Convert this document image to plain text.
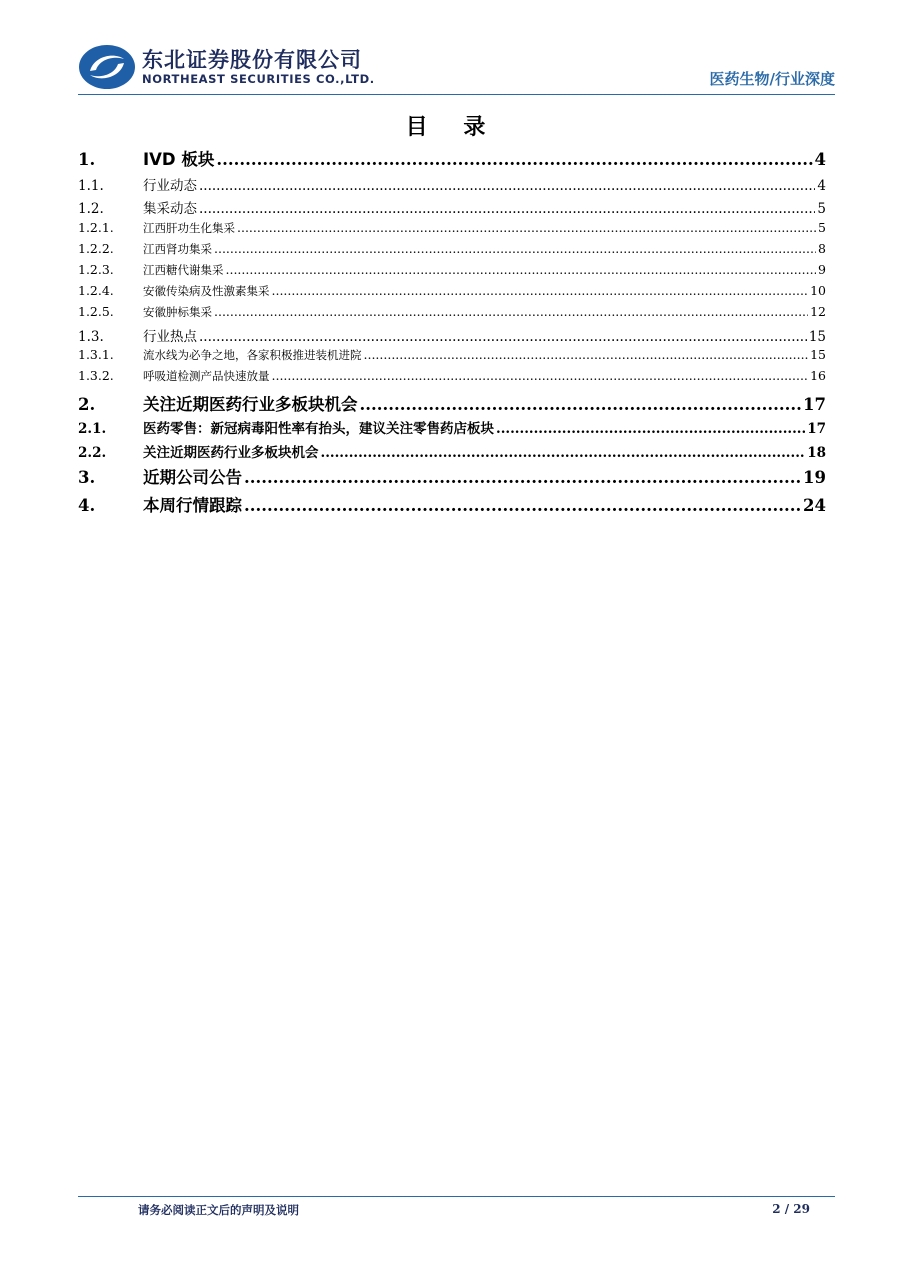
东北证券股份有限公司
NORTHEAST SECURITIES CO.,LTD.	医药生物/行业深度
目 录
1.	IVD 板块 .....	4
1.1.	行业动态 .....	4
1.2.	集采动态 .....	5
1.2.1.	江西肝功生化集采 .....	5
1.2.2.	江西肾功集采 .....	8
1.2.3.	江西糖代谢集采 .....	9
1.2.4.	安徽传染病及性激素集采 .....	10
1.2.5.	安徽肿标集采 .....	12
1.3.	行业热点 .....	15
1.3.1.	流水线为必争之地，各家积极推进装机进院 .....	15
1.3.2.	呼吸道检测产品快速放量 .....	16
2.	关注近期医药行业多板块机会 .....	17
2.1.	医药零售：新冠病毒阳性率有抬头，建议关注零售药店板块 .....	17
2.2.	关注近期医药行业多板块机会 .....	18
3.	近期公司公告 .....	19
4.	本周行情跟踪 .....	24
请务必阅读正文后的声明及说明	2 / 29
